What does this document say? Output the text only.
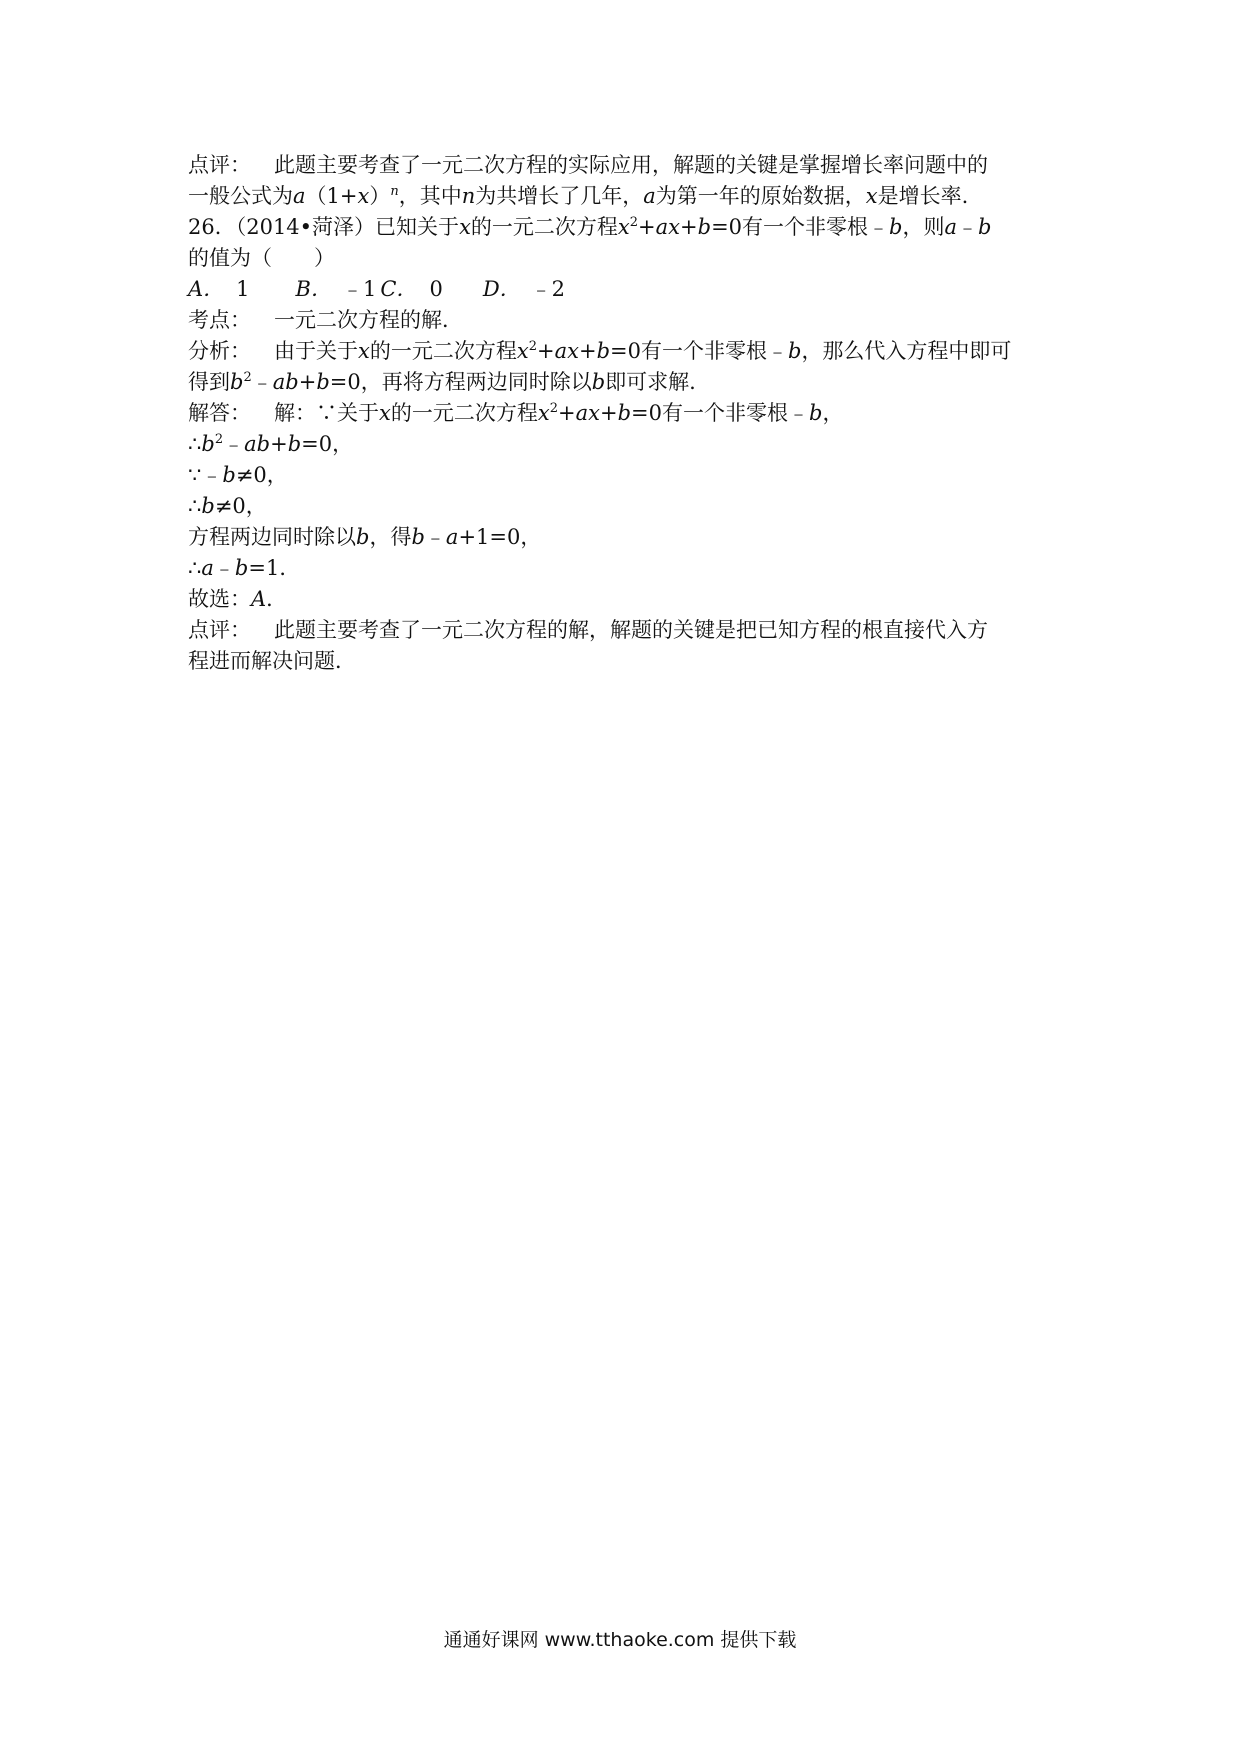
点评： 此题主要考查了一元二次方程的实际应用，解题的关键是掌握增长率问题中的
一般公式为$a(1+x)^n$，其中n为共增长了几年，a为第一年的原始数据，x是增长率.
26．（2014•菏泽）已知关于x的一元二次方程$x^2+ax+b=0$有一个非零根﹣b，则a﹣b
的值为（　　）
A． 1 B． ﹣1 C． 0 D． ﹣2
考点： 一元二次方程的解．
分析： 由于关于x的一元二次方程$x^2+ax+b=0$有一个非零根﹣b，那么代入方程中即可
得到$b^2﹣ab+b=0$，再将方程两边同时除以b即可求解.
解答： 解：∵关于x的一元二次方程$x^2+ax+b=0$有一个非零根﹣b，
$\therefore b^2﹣ab+b=0$，
∵﹣b≠0，
∴b≠0，
方程两边同时除以b，得b﹣a+1=0，
∴a﹣b=1．
故选：A．
点评： 此题主要考查了一元二次方程的解，解题的关键是把已知方程的根直接代入方
程进而解决问题．
通通好课网 www.tthaoke.com 提供下载
